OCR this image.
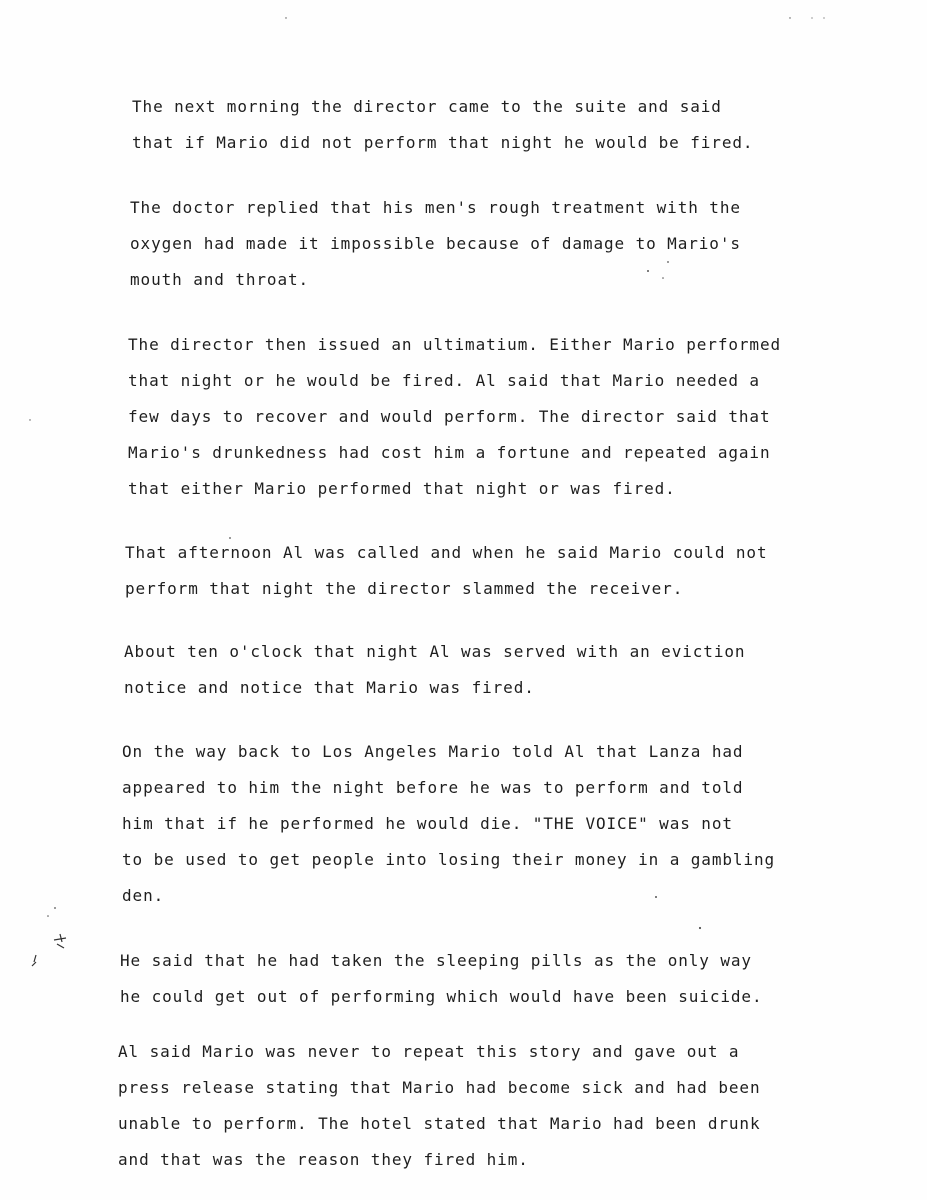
The next morning the director came to the suite and said
that if Mario did not perform that night he would be fired.
The doctor replied that his men's rough treatment with the
oxygen had made it impossible because of damage to Mario's
mouth and throat.
The director then issued an ultimatium. Either Mario performed
that night or he would be fired. Al said that Mario needed a
few days to recover and would perform. The director said that
Mario's drunkedness had cost him a fortune and repeated again
that either Mario performed that night or was fired.
That afternoon Al was called and when he said Mario could not
perform that night the director slammed the receiver.
About ten o'clock that night Al was served with an eviction
notice and notice that Mario was fired.
On the way back to Los Angeles Mario told Al that Lanza had
appeared to him the night before he was to perform and told
him that if he performed he would die. "THE VOICE" was not
to be used to get people into losing their money in a gambling
den.
He said that he had taken the sleeping pills as the only way
he could get out of performing which would have been suicide.
Al said Mario was never to repeat this story and gave out a
press release stating that Mario had become sick and had been
unable to perform. The hotel stated that Mario had been drunk
and that was the reason they fired him.
